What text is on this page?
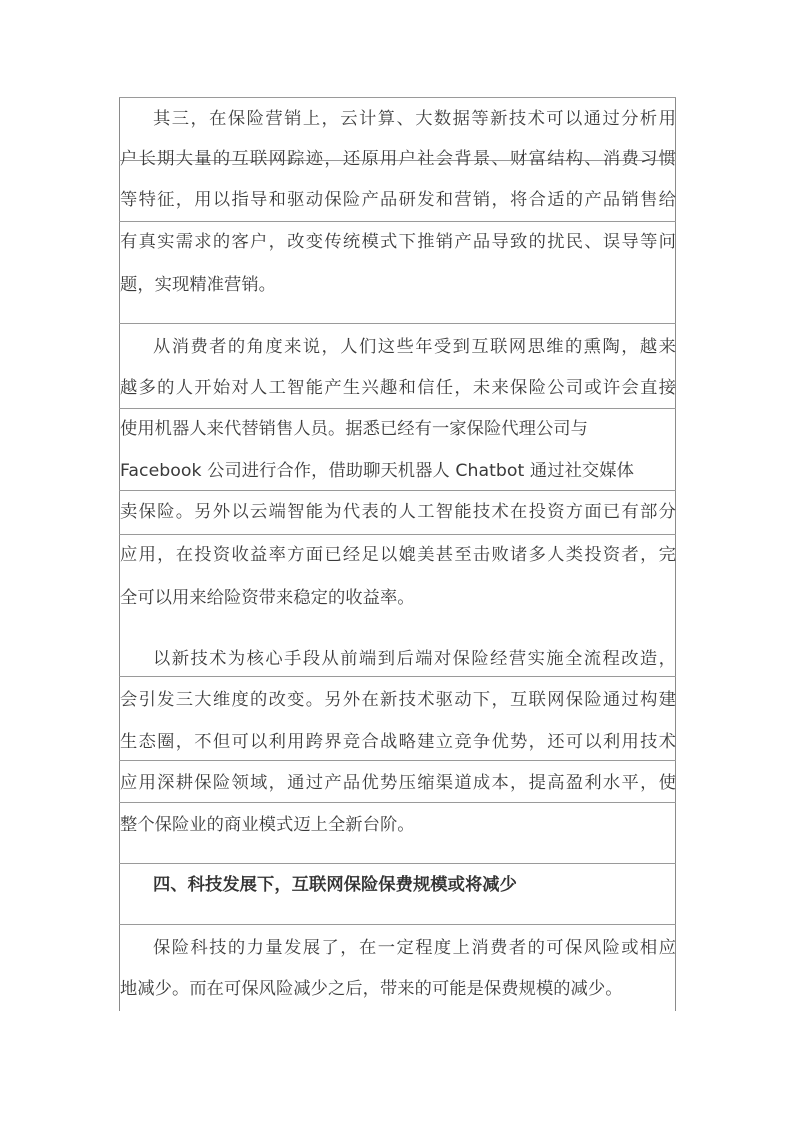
其三，在保险营销上，云计算、大数据等新技术可以通过分析用
户长期大量的互联网踪迹，还原用户社会背景、财富结构、消费习惯
等特征，用以指导和驱动保险产品研发和营销，将合适的产品销售给
有真实需求的客户，改变传统模式下推销产品导致的扰民、误导等问
题，实现精准营销。
从消费者的角度来说，人们这些年受到互联网思维的熏陶，越来
越多的人开始对人工智能产生兴趣和信任，未来保险公司或许会直接
使用机器人来代替销售人员。据悉已经有一家保险代理公司与
Facebook 公司进行合作，借助聊天机器人 Chatbot 通过社交媒体
卖保险。另外以云端智能为代表的人工智能技术在投资方面已有部分
应用，在投资收益率方面已经足以媲美甚至击败诸多人类投资者，完
全可以用来给险资带来稳定的收益率。
以新技术为核心手段从前端到后端对保险经营实施全流程改造，
会引发三大维度的改变。另外在新技术驱动下，互联网保险通过构建
生态圈，不但可以利用跨界竞合战略建立竞争优势，还可以利用技术
应用深耕保险领域，通过产品优势压缩渠道成本，提高盈利水平，使
整个保险业的商业模式迈上全新台阶。
四、科技发展下，互联网保险保费规模或将减少
保险科技的力量发展了，在一定程度上消费者的可保风险或相应
地减少。而在可保风险减少之后，带来的可能是保费规模的减少。
